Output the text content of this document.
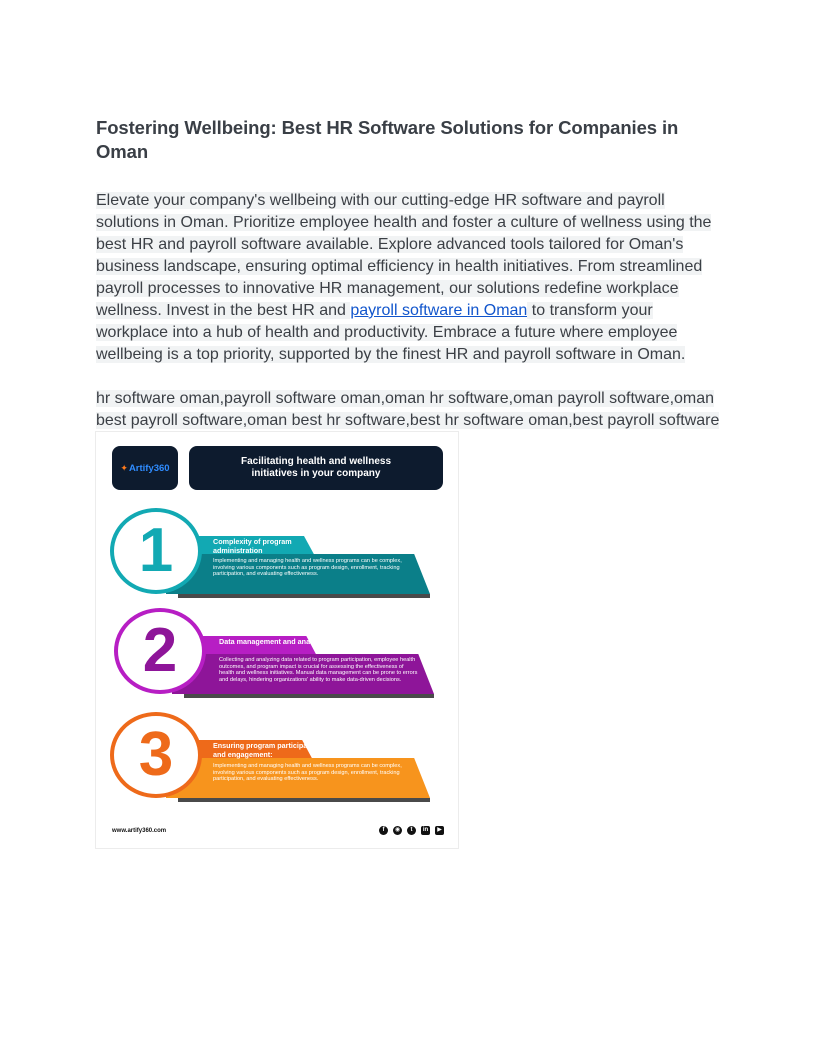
Fostering Wellbeing: Best HR Software Solutions for Companies in Oman
Elevate your company's wellbeing with our cutting-edge HR software and payroll solutions in Oman. Prioritize employee health and foster a culture of wellness using the best HR and payroll software available. Explore advanced tools tailored for Oman's business landscape, ensuring optimal efficiency in health initiatives. From streamlined payroll processes to innovative HR management, our solutions redefine workplace wellness. Invest in the best HR and payroll software in Oman to transform your workplace into a hub of health and productivity. Embrace a future where employee wellbeing is a top priority, supported by the finest HR and payroll software in Oman.
hr software oman,payroll software oman,oman hr software,oman payroll software,oman best payroll software,oman best hr software,best hr software oman,best payroll software
✦ Artify360
Facilitating health and wellness initiatives in your company
1	Complexity of program administration
Implementing and managing health and wellness programs can be complex, involving various components such as program design, enrollment, tracking participation, and evaluating effectiveness.
2	Data management and analysis:
Collecting and analyzing data related to program participation, employee health outcomes, and program impact is crucial for assessing the effectiveness of health and wellness initiatives. Manual data management can be prone to errors and delays, hindering organizations' ability to make data-driven decisions.
3	Ensuring program participation and engagement:
Implementing and managing health and wellness programs can be complex, involving various components such as program design, enrollment, tracking participation, and evaluating effectiveness.
www.artify360.com	f	◉	t	in	▶
